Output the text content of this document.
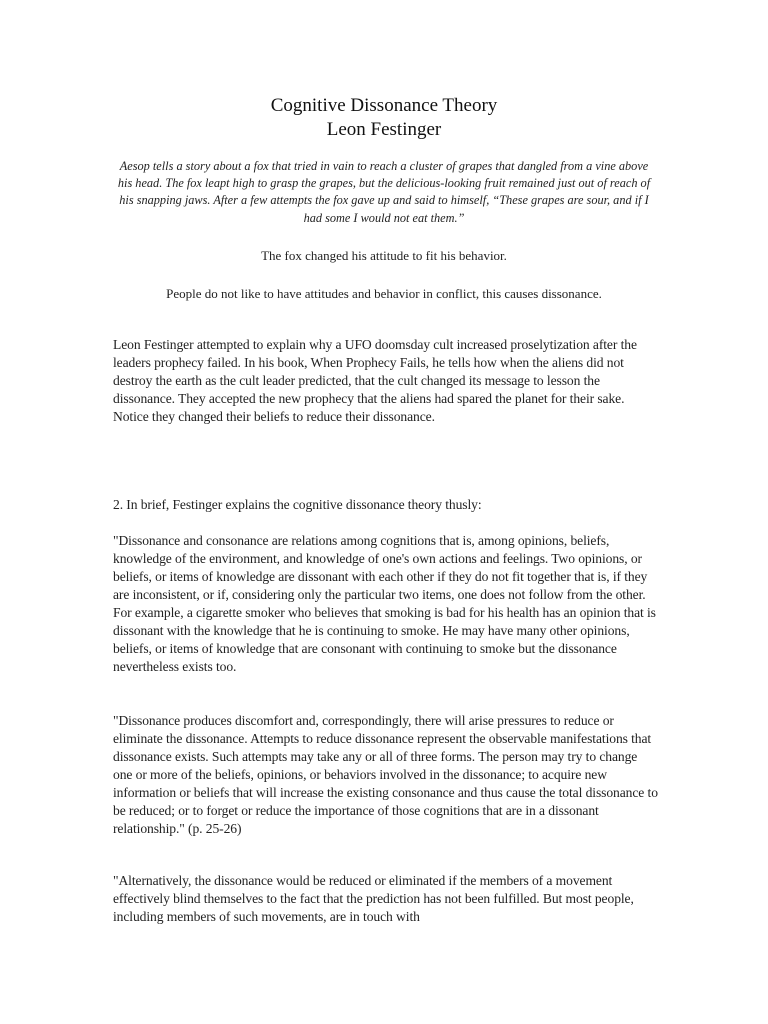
Cognitive Dissonance Theory
Leon Festinger

Aesop tells a story about a fox that tried in vain to reach a cluster of grapes that dangled from a vine above his head. The fox leapt high to grasp the grapes, but the delicious-looking fruit remained just out of reach of his snapping jaws. After a few attempts the fox gave up and said to himself, “These grapes are sour, and if I had some I would not eat them.”

The fox changed his attitude to fit his behavior.

People do not like to have attitudes and behavior in conflict, this causes dissonance.

Leon Festinger attempted to explain why a UFO doomsday cult increased proselytization after the leaders prophecy failed. In his book, When Prophecy Fails, he tells how when the aliens did not destroy the earth as the cult leader predicted, that the cult changed its message to lesson the dissonance. They accepted the new prophecy that the aliens had spared the planet for their sake. Notice they changed their beliefs to reduce their dissonance.

2. In brief, Festinger explains the cognitive dissonance theory thusly:

"Dissonance and consonance are relations among cognitions that is, among opinions, beliefs, knowledge of the environment, and knowledge of one's own actions and feelings. Two opinions, or beliefs, or items of knowledge are dissonant with each other if they do not fit together that is, if they are inconsistent, or if, considering only the particular two items, one does not follow from the other. For example, a cigarette smoker who believes that smoking is bad for his health has an opinion that is dissonant with the knowledge that he is continuing to smoke. He may have many other opinions, beliefs, or items of knowledge that are consonant with continuing to smoke but the dissonance nevertheless exists too.

"Dissonance produces discomfort and, correspondingly, there will arise pressures to reduce or eliminate the dissonance. Attempts to reduce dissonance represent the observable manifestations that dissonance exists. Such attempts may take any or all of three forms. The person may try to change one or more of the beliefs, opinions, or behaviors involved in the dissonance; to acquire new information or beliefs that will increase the existing consonance and thus cause the total dissonance to be reduced; or to forget or reduce the importance of those cognitions that are in a dissonant relationship." (p. 25-26)

"Alternatively, the dissonance would be reduced or eliminated if the members of a movement effectively blind themselves to the fact that the prediction has not been fulfilled. But most people, including members of such movements, are in touch with
